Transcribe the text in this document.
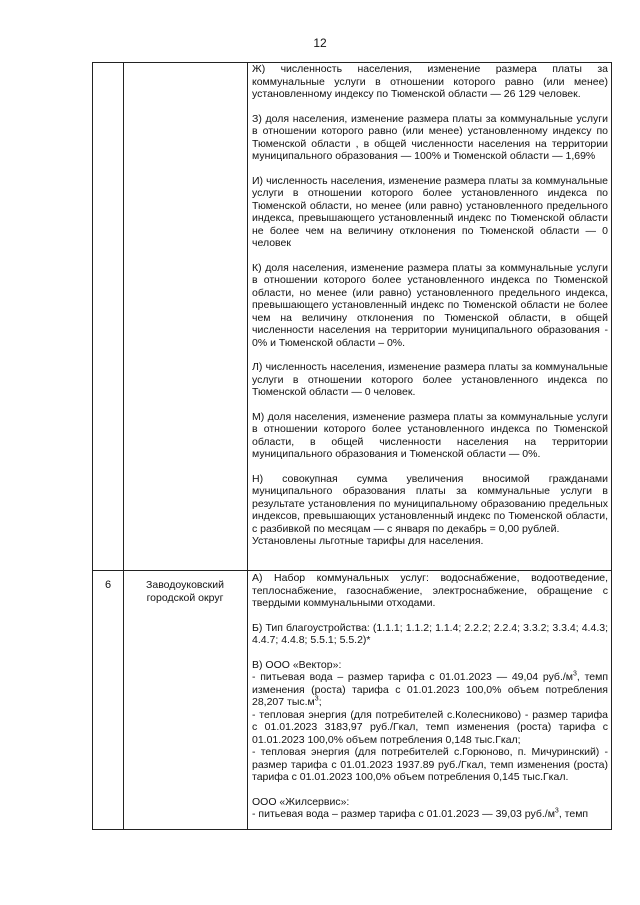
12

Ж) численность населения, изменение размера платы за коммунальные услуги в отношении которого равно (или менее) установленному индексу по Тюменской области — 26 129 человек.

З) доля населения, изменение размера платы за коммунальные услуги в отношении которого равно (или менее) установленному индексу по Тюменской области , в общей численности населения на территории муниципального образования — 100% и Тюменской области — 1,69%

И) численность населения, изменение размера платы за коммунальные услуги в отношении которого более установленного индекса по Тюменской области, но менее (или равно) установленного предельного индекса, превышающего установленный индекс по Тюменской области не более чем на величину отклонения по Тюменской области — 0 человек

К) доля населения, изменение размера платы за коммунальные услуги в отношении которого более установленного индекса по Тюменской области, но менее (или равно) установленного предельного индекса, превышающего установленный индекс по Тюменской области не более чем на величину отклонения по Тюменской области, в общей численности населения на территории муниципального образования - 0% и Тюменской области – 0%.

Л) численность населения, изменение размера платы за коммунальные услуги в отношении которого более установленного индекса по Тюменской области — 0 человек.

М) доля населения, изменение размера платы за коммунальные услуги в отношении которого более установленного индекса по Тюменской области, в общей численности населения на территории муниципального образования и Тюменской области — 0%.

Н) совокупная сумма увеличения вносимой гражданами муниципального образования платы за коммунальные услуги в результате установления по муниципальному образованию предельных индексов, превышающих установленный индекс по Тюменской области, с разбивкой по месяцам — с января по декабрь = 0,00 рублей.

Установлены льготные тарифы для населения.

6	Заводоуковский городской округ

А) Набор коммунальных услуг: водоснабжение, водоотведение, теплоснабжение, газоснабжение, электроснабжение, обращение с твердыми коммунальными отходами.

Б) Тип благоустройства: (1.1.1; 1.1.2; 1.1.4; 2.2.2; 2.2.4; 3.3.2; 3.3.4; 4.4.3; 4.4.7; 4.4.8; 5.5.1; 5.5.2)*

В) ООО «Вектор»:

- питьевая вода – размер тарифа с 01.01.2023 — 49,04 $руб./м^3$, темп изменения (роста) тарифа с 01.01.2023 100,0% объем потребления 28,207 $тыс.м^3$;

- тепловая энергия (для потребителей с.Колесниково) - размер тарифа с 01.01.2023 3183,97 руб./Гкал, темп изменения (роста) тарифа с 01.01.2023 100,0% объем потребления 0,148 тыс.Гкал;

- тепловая энергия (для потребителей с.Горюново, п. Мичуринский) - размер тарифа с 01.01.2023 1937.89 руб./Гкал, темп изменения (роста) тарифа с 01.01.2023 100,0% объем потребления 0,145 тыс.Гкал.

ООО «Жилсервис»:

- питьевая вода – размер тарифа с 01.01.2023 — 39,03 $руб./м^3$, темп
